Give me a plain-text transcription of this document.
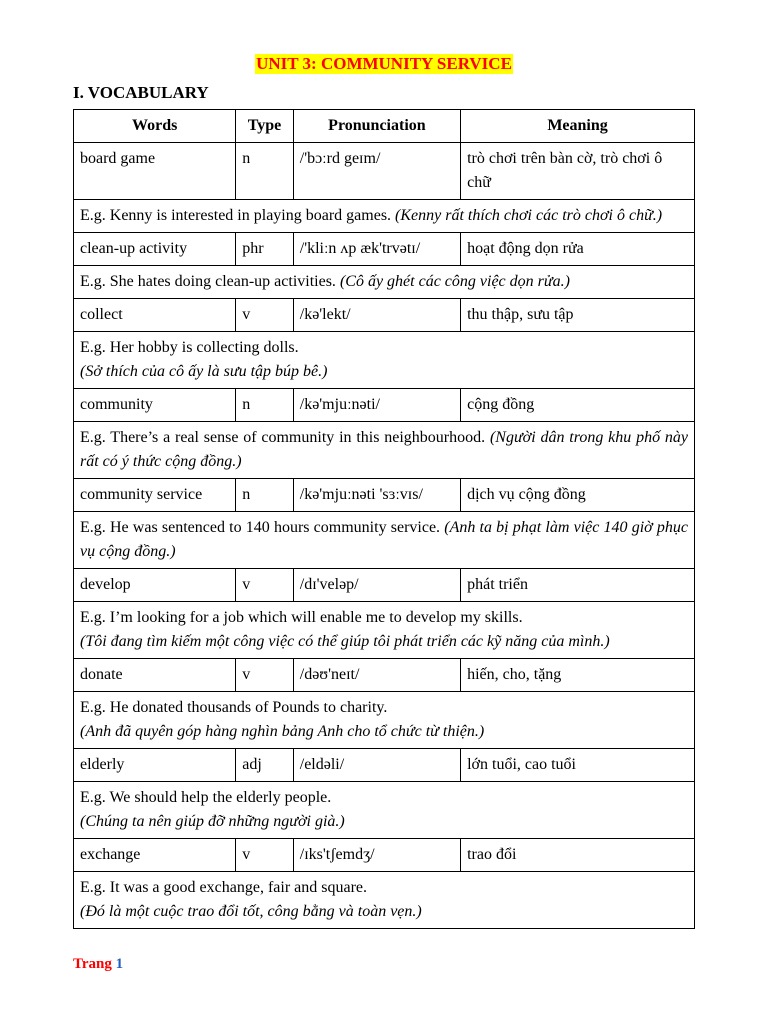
UNIT 3: COMMUNITY SERVICE
I. VOCABULARY
Words	Type	Pronunciation	Meaning
board game	n	/'bɔːrd geɪm/	trò chơi trên bàn cờ, trò chơi ô chữ
E.g. Kenny is interested in playing board games. (Kenny rất thích chơi các trò chơi ô chữ.)			
clean-up activity	phr	/'kliːn ʌp æk'trvətɪ/	hoạt động dọn rửa
E.g. She hates doing clean-up activities. (Cô ấy ghét các công việc dọn rửa.)			
collect	v	/kə'lekt/	thu thập, sưu tập
E.g. Her hobby is collecting dolls.
(Sở thích của cô ấy là sưu tập búp bê.)			
community	n	/kə'mjuːnəti/	cộng đồng
E.g. There’s a real sense of community in this neighbourhood. (Người dân trong khu phố này rất có ý thức cộng đồng.)			
community service	n	/kə'mjuːnəti 'sɜːvɪs/	dịch vụ cộng đồng
E.g. He was sentenced to 140 hours community service. (Anh ta bị phạt làm việc 140 giờ phục vụ cộng đồng.)			
develop	v	/dɪ'veləp/	phát triển
E.g. I’m looking for a job which will enable me to develop my skills.
(Tôi đang tìm kiếm một công việc có thể giúp tôi phát triển các kỹ năng của mình.)			
donate	v	/dəʊ'neɪt/	hiến, cho, tặng
E.g. He donated thousands of Pounds to charity.
(Anh đã quyên góp hàng nghìn bảng Anh cho tổ chức từ thiện.)			
elderly	adj	/eldəli/	lớn tuổi, cao tuổi
E.g. We should help the elderly people.
(Chúng ta nên giúp đỡ những người già.)			
exchange	v	/ɪks'tʃemdʒ/	trao đổi
E.g. It was a good exchange, fair and square.
(Đó là một cuộc trao đổi tốt, công bằng và toàn vẹn.)			
Trang 1
